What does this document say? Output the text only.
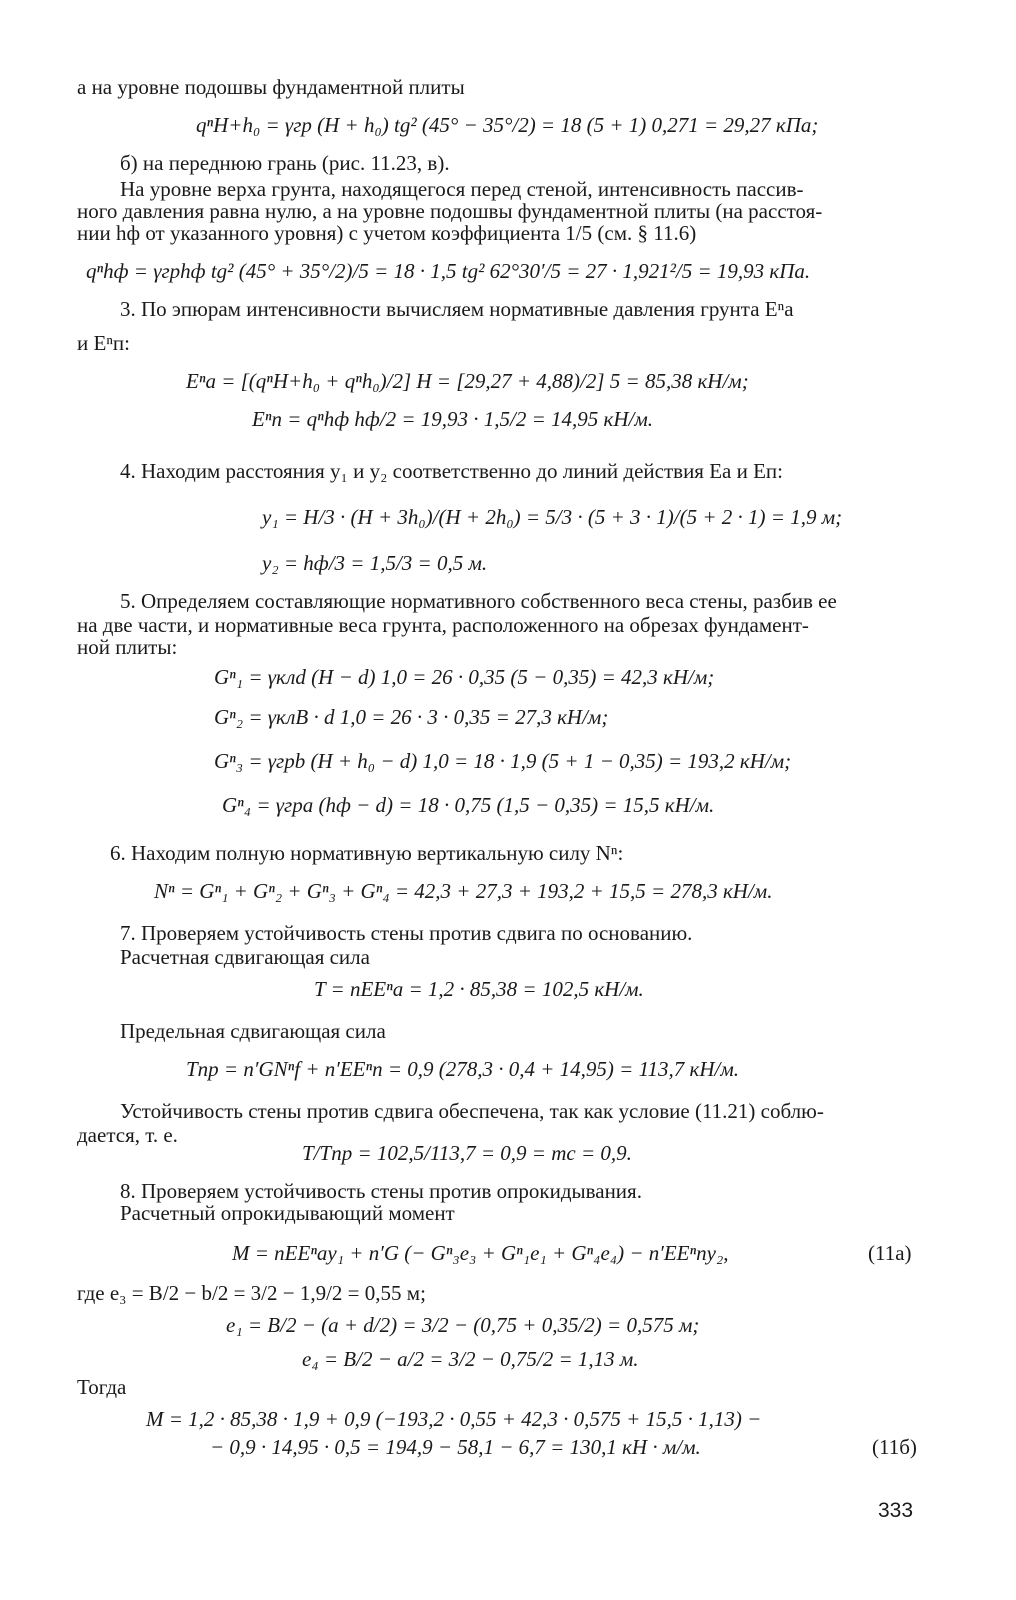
а на уровне подошвы фундаментной плиты
qⁿH+h₀ = γгр (H + h₀) tg² (45° − 35°/2) = 18 (5 + 1) 0,271 = 29,27 кПа;
б) на переднюю грань (рис. 11.23, в).
На уровне верха грунта, находящегося перед стеной, интенсивность пассив-
ного давления равна нулю, а на уровне подошвы фундаментной плиты (на расстоя-
нии hф от указанного уровня) с учетом коэффициента 1/5 (см. § 11.6)
qⁿhф = γгрhф tg² (45° + 35°/2)/5 = 18 · 1,5 tg² 62°30′/5 = 27 · 1,921²/5 = 19,93 кПа.
3. По эпюрам интенсивности вычисляем нормативные давления грунта Eⁿа
и Eⁿп:
Eⁿа = [(qⁿH+h₀ + qⁿh₀)/2] H = [29,27 + 4,88)/2] 5 = 85,38 кН/м;
Eⁿп = qⁿhф hф/2 = 19,93 · 1,5/2 = 14,95 кН/м.
4. Находим расстояния y₁ и y₂ соответственно до линий действия Eа и Eп:
y₁ = H/3 · (H + 3h₀)/(H + 2h₀) = 5/3 · (5 + 3 · 1)/(5 + 2 · 1) = 1,9 м;
y₂ = hф/3 = 1,5/3 = 0,5 м.
5. Определяем составляющие нормативного собственного веса стены, разбив ее
на две части, и нормативные веса грунта, расположенного на обрезах фундамент-
ной плиты:
Gⁿ₁ = γклd (H − d) 1,0 = 26 · 0,35 (5 − 0,35) = 42,3 кН/м;
Gⁿ₂ = γклB · d 1,0 = 26 · 3 · 0,35 = 27,3 кН/м;
Gⁿ₃ = γгрb (H + h₀ − d) 1,0 = 18 · 1,9 (5 + 1 − 0,35) = 193,2 кН/м;
Gⁿ₄ = γгрa (hф − d) = 18 · 0,75 (1,5 − 0,35) = 15,5 кН/м.
6. Находим полную нормативную вертикальную силу Nⁿ:
Nⁿ = Gⁿ₁ + Gⁿ₂ + Gⁿ₃ + Gⁿ₄ = 42,3 + 27,3 + 193,2 + 15,5 = 278,3 кН/м.
7. Проверяем устойчивость стены против сдвига по основанию.
Расчетная сдвигающая сила
T = nEEⁿа = 1,2 · 85,38 = 102,5 кН/м.
Предельная сдвигающая сила
Tпр = n′GNⁿf + n′EEⁿп = 0,9 (278,3 · 0,4 + 14,95) = 113,7 кН/м.
Устойчивость стены против сдвига обеспечена, так как условие (11.21) соблю-
дается, т. е.
T/Tпр = 102,5/113,7 = 0,9 = mc = 0,9.
8. Проверяем устойчивость стены против опрокидывания.
Расчетный опрокидывающий момент
M = nEEⁿаy₁ + n′G (− Gⁿ₃e₃ + Gⁿ₁e₁ + Gⁿ₄e₄) − n′EEⁿпy₂,
где e₃ = B/2 − b/2 = 3/2 − 1,9/2 = 0,55 м;
e₁ = B/2 − (a + d/2) = 3/2 − (0,75 + 0,35/2) = 0,575 м;
e₄ = B/2 − a/2 = 3/2 − 0,75/2 = 1,13 м.
Тогда
M = 1,2 · 85,38 · 1,9 + 0,9 (−193,2 · 0,55 + 42,3 · 0,575 + 15,5 · 1,13) −
− 0,9 · 14,95 · 0,5 = 194,9 − 58,1 − 6,7 = 130,1 кН · м/м.
(11а)
(11б)
333
